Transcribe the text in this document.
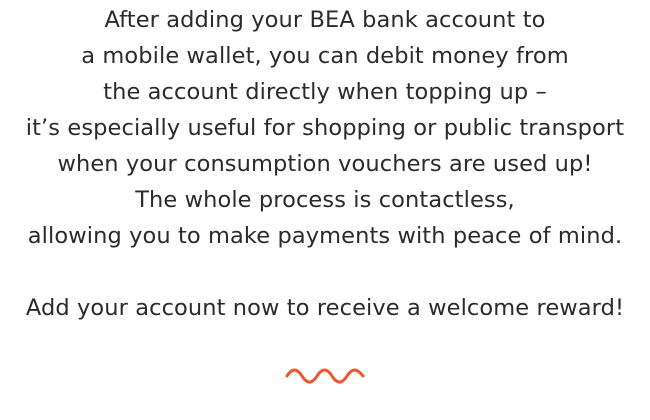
After adding your BEA bank account to
a mobile wallet, you can debit money from
the account directly when topping up –
it’s especially useful for shopping or public transport
when your consumption vouchers are used up!
The whole process is contactless,
allowing you to make payments with peace of mind.

Add your account now to receive a welcome reward!
